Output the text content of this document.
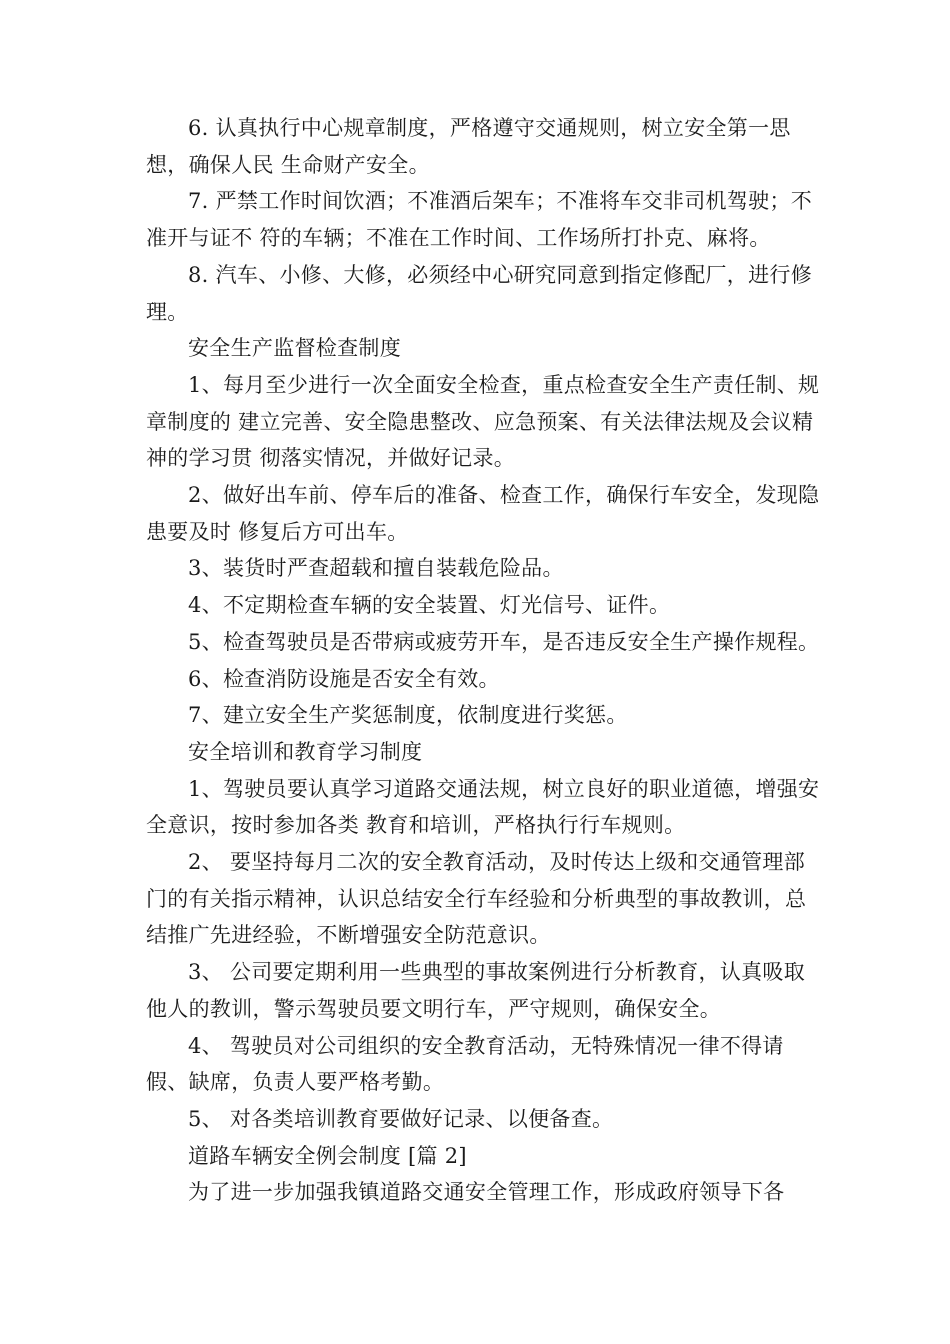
6. 认真执行中心规章制度，严格遵守交通规则，树立安全第一思想，确保人民 生命财产安全。

7. 严禁工作时间饮酒；不准酒后架车；不准将车交非司机驾驶；不准开与证不 符的车辆；不准在工作时间、工作场所打扑克、麻将。

8. 汽车、小修、大修，必须经中心研究同意到指定修配厂，进行修理。

安全生产监督检查制度

1、每月至少进行一次全面安全检查，重点检查安全生产责任制、规章制度的 建立完善、安全隐患整改、应急预案、有关法律法规及会议精神的学习贯 彻落实情况，并做好记录。

2、做好出车前、停车后的准备、检查工作，确保行车安全，发现隐患要及时 修复后方可出车。

3、装货时严查超载和擅自装载危险品。

4、不定期检查车辆的安全装置、灯光信号、证件。

5、检查驾驶员是否带病或疲劳开车，是否违反安全生产操作规程。

6、检查消防设施是否安全有效。

7、建立安全生产奖惩制度，依制度进行奖惩。

安全培训和教育学习制度

1、驾驶员要认真学习道路交通法规，树立良好的职业道德，增强安全意识，按时参加各类 教育和培训，严格执行行车规则。

2、 要坚持每月二次的安全教育活动，及时传达上级和交通管理部门的有关指示精神，认识总结安全行车经验和分析典型的事故教训，总结推广先进经验，不断增强安全防范意识。

3、 公司要定期利用一些典型的事故案例进行分析教育，认真吸取他人的教训，警示驾驶员要文明行车，严守规则，确保安全。

4、 驾驶员对公司组织的安全教育活动，无特殊情况一律不得请假、缺席，负责人要严格考勤。

5、 对各类培训教育要做好记录、以便备查。

道路车辆安全例会制度 [篇 2]

为了进一步加强我镇道路交通安全管理工作，形成政府领导下各
